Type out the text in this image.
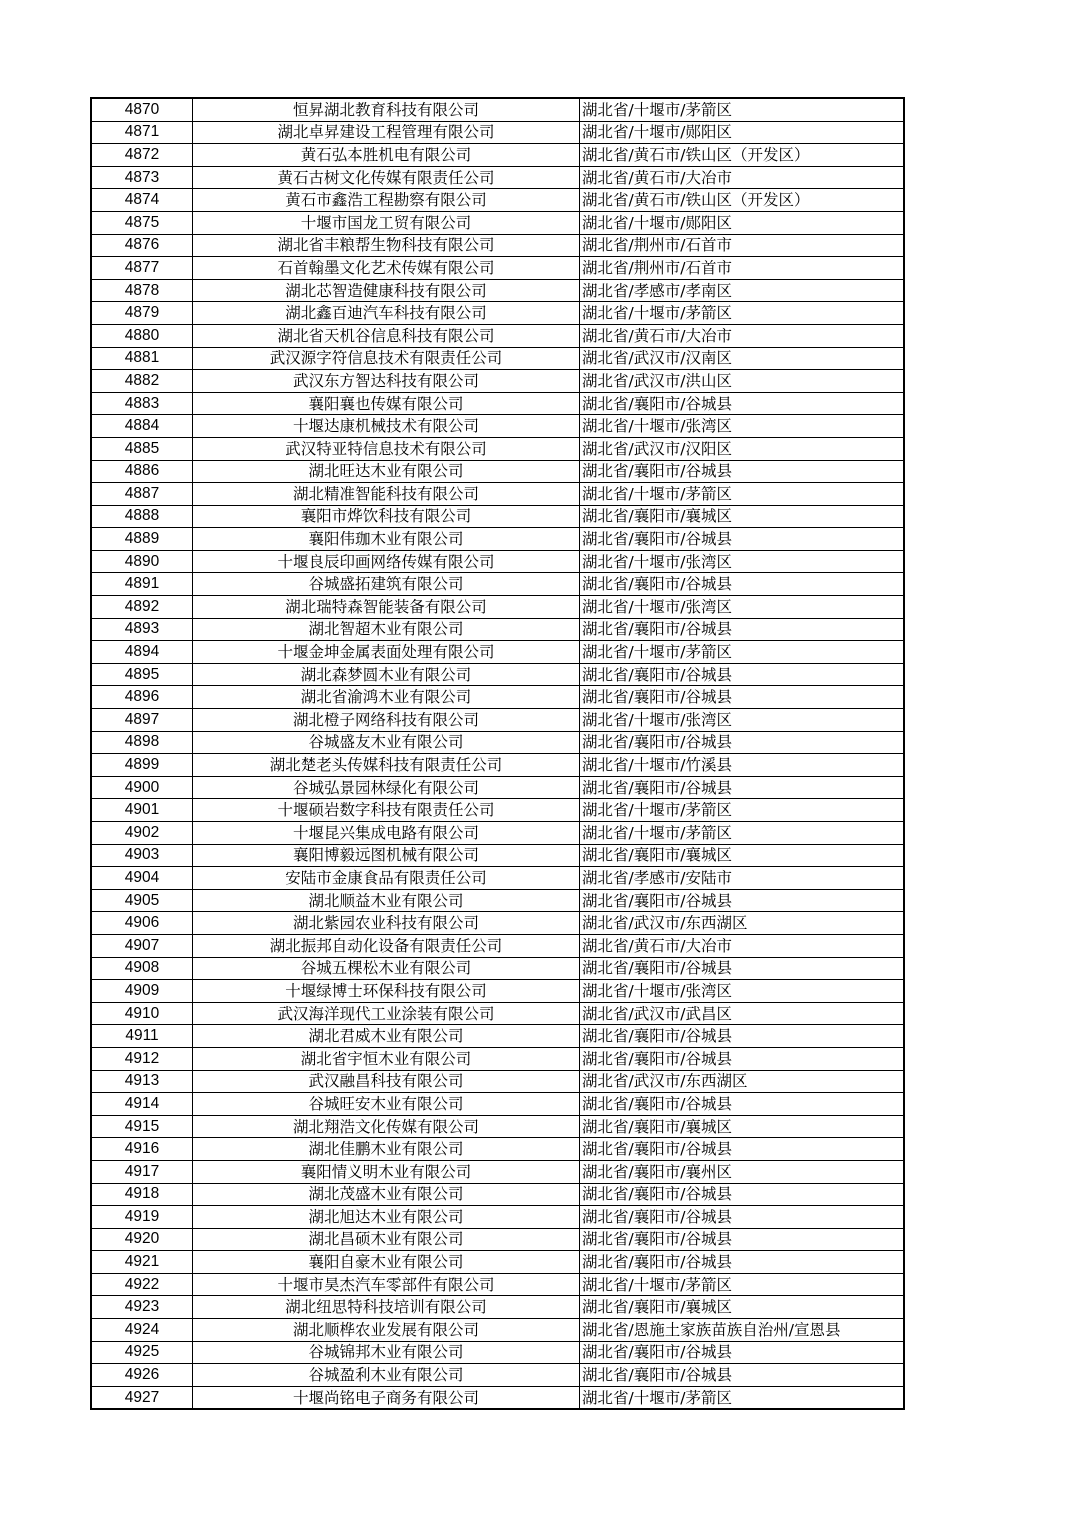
4870	恒昇湖北教育科技有限公司	湖北省/十堰市/茅箭区
4871	湖北卓昇建设工程管理有限公司	湖北省/十堰市/郧阳区
4872	黄石弘本胜机电有限公司	湖北省/黄石市/铁山区（开发区）
4873	黄石古树文化传媒有限责任公司	湖北省/黄石市/大冶市
4874	黄石市鑫浩工程勘察有限公司	湖北省/黄石市/铁山区（开发区）
4875	十堰市国龙工贸有限公司	湖北省/十堰市/郧阳区
4876	湖北省丰粮帮生物科技有限公司	湖北省/荆州市/石首市
4877	石首翰墨文化艺术传媒有限公司	湖北省/荆州市/石首市
4878	湖北芯智造健康科技有限公司	湖北省/孝感市/孝南区
4879	湖北鑫百迪汽车科技有限公司	湖北省/十堰市/茅箭区
4880	湖北省天机谷信息科技有限公司	湖北省/黄石市/大冶市
4881	武汉源字符信息技术有限责任公司	湖北省/武汉市/汉南区
4882	武汉东方智达科技有限公司	湖北省/武汉市/洪山区
4883	襄阳襄也传媒有限公司	湖北省/襄阳市/谷城县
4884	十堰达康机械技术有限公司	湖北省/十堰市/张湾区
4885	武汉特亚特信息技术有限公司	湖北省/武汉市/汉阳区
4886	湖北旺达木业有限公司	湖北省/襄阳市/谷城县
4887	湖北精准智能科技有限公司	湖北省/十堰市/茅箭区
4888	襄阳市烨饮科技有限公司	湖北省/襄阳市/襄城区
4889	襄阳伟珈木业有限公司	湖北省/襄阳市/谷城县
4890	十堰良辰印画网络传媒有限公司	湖北省/十堰市/张湾区
4891	谷城盛拓建筑有限公司	湖北省/襄阳市/谷城县
4892	湖北瑞特森智能装备有限公司	湖北省/十堰市/张湾区
4893	湖北智超木业有限公司	湖北省/襄阳市/谷城县
4894	十堰金坤金属表面处理有限公司	湖北省/十堰市/茅箭区
4895	湖北森梦圆木业有限公司	湖北省/襄阳市/谷城县
4896	湖北省渝鸿木业有限公司	湖北省/襄阳市/谷城县
4897	湖北橙子网络科技有限公司	湖北省/十堰市/张湾区
4898	谷城盛友木业有限公司	湖北省/襄阳市/谷城县
4899	湖北楚老头传媒科技有限责任公司	湖北省/十堰市/竹溪县
4900	谷城弘景园林绿化有限公司	湖北省/襄阳市/谷城县
4901	十堰硕岩数字科技有限责任公司	湖北省/十堰市/茅箭区
4902	十堰昆兴集成电路有限公司	湖北省/十堰市/茅箭区
4903	襄阳博毅远图机械有限公司	湖北省/襄阳市/襄城区
4904	安陆市金康食品有限责任公司	湖北省/孝感市/安陆市
4905	湖北顺益木业有限公司	湖北省/襄阳市/谷城县
4906	湖北紫园农业科技有限公司	湖北省/武汉市/东西湖区
4907	湖北振邦自动化设备有限责任公司	湖北省/黄石市/大冶市
4908	谷城五棵松木业有限公司	湖北省/襄阳市/谷城县
4909	十堰绿博士环保科技有限公司	湖北省/十堰市/张湾区
4910	武汉海洋现代工业涂装有限公司	湖北省/武汉市/武昌区
4911	湖北君威木业有限公司	湖北省/襄阳市/谷城县
4912	湖北省宇恒木业有限公司	湖北省/襄阳市/谷城县
4913	武汉融昌科技有限公司	湖北省/武汉市/东西湖区
4914	谷城旺安木业有限公司	湖北省/襄阳市/谷城县
4915	湖北翔浩文化传媒有限公司	湖北省/襄阳市/襄城区
4916	湖北佳鹏木业有限公司	湖北省/襄阳市/谷城县
4917	襄阳情义明木业有限公司	湖北省/襄阳市/襄州区
4918	湖北茂盛木业有限公司	湖北省/襄阳市/谷城县
4919	湖北旭达木业有限公司	湖北省/襄阳市/谷城县
4920	湖北昌硕木业有限公司	湖北省/襄阳市/谷城县
4921	襄阳自豪木业有限公司	湖北省/襄阳市/谷城县
4922	十堰市昊杰汽车零部件有限公司	湖北省/十堰市/茅箭区
4923	湖北纽思特科技培训有限公司	湖北省/襄阳市/襄城区
4924	湖北顺桦农业发展有限公司	湖北省/恩施土家族苗族自治州/宣恩县
4925	谷城锦邦木业有限公司	湖北省/襄阳市/谷城县
4926	谷城盈利木业有限公司	湖北省/襄阳市/谷城县
4927	十堰尚铭电子商务有限公司	湖北省/十堰市/茅箭区
